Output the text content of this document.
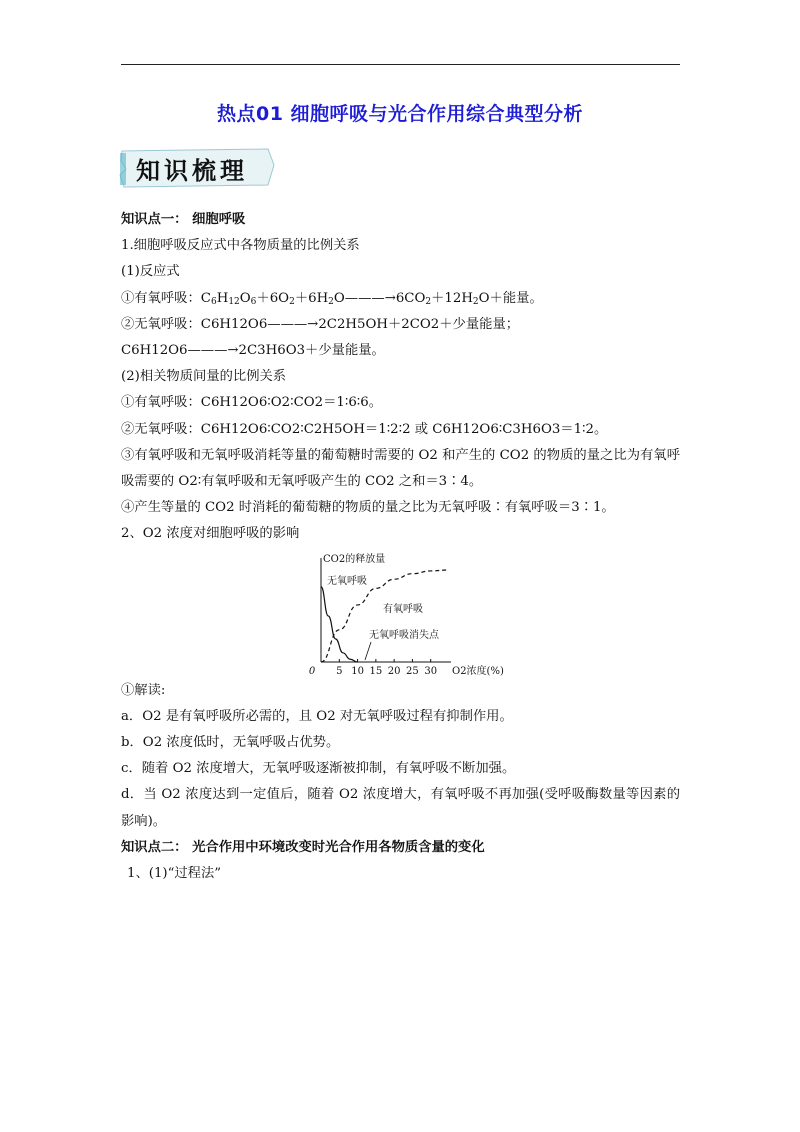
热点01 细胞呼吸与光合作用综合典型分析
知识梳理
知识点一： 细胞呼吸
1.细胞呼吸反应式中各物质量的比例关系
(1)反应式
①有氧呼吸：$C_6H_{12}O_6+6O_2+6H_2O———\to 6CO_2+12H_2O+$能量。
②无氧呼吸：C6H12O6———→2C2H5OH＋2CO2＋少量能量；
C6H12O6———→2C3H6O3＋少量能量。
(2)相关物质间量的比例关系
①有氧呼吸：C6H12O6∶O2∶CO2＝1∶6∶6。
②无氧呼吸：C6H12O6∶CO2∶C2H5OH＝1∶2∶2 或 C6H12O6∶C3H6O3＝1∶2。
③有氧呼吸和无氧呼吸消耗等量的葡萄糖时需要的 O2 和产生的 CO2 的物质的量之比为有氧呼吸需要的 O2∶有氧呼吸和无氧呼吸产生的 CO2 之和＝3∶4。
④产生等量的 CO2 时消耗的葡萄糖的物质的量之比为无氧呼吸∶有氧呼吸＝3∶1。
2、O2 浓度对细胞呼吸的影响
CO2的释放量
O2浓度(%)
0 5 10 15 20 25 30
无氧呼吸
有氧呼吸
无氧呼吸消失点
①解读:
a．O2 是有氧呼吸所必需的，且 O2 对无氧呼吸过程有抑制作用。
b．O2 浓度低时，无氧呼吸占优势。
c．随着 O2 浓度增大，无氧呼吸逐渐被抑制，有氧呼吸不断加强。
d．当 O2 浓度达到一定值后，随着 O2 浓度增大，有氧呼吸不再加强(受呼吸酶数量等因素的影响)。
知识点二： 光合作用中环境改变时光合作用各物质含量的变化
1、(1)“过程法”
